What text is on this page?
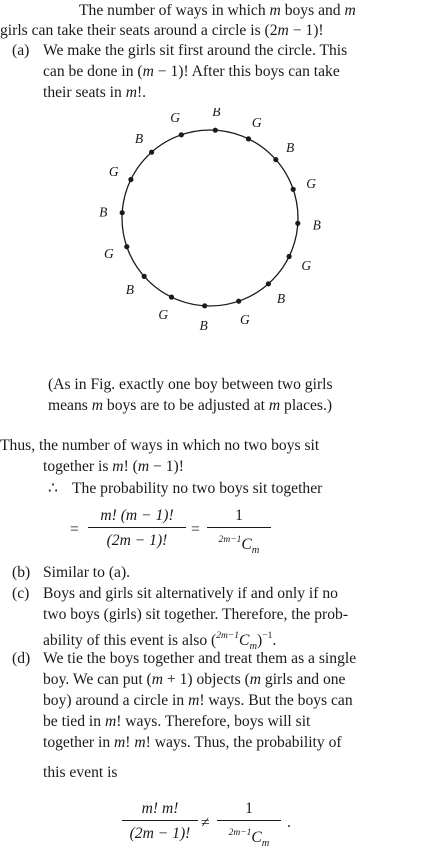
The number of ways in which m boys and m
girls can take their seats around a circle is (2m − 1)!
(a) We make the girls sit first around the circle. This
can be done in (m − 1)! After this boys can take
their seats in m!.
B
G
B
G
B
G
B
G
B
G
B
G
B
G
B
G
(As in Fig. exactly one boy between two girls
means m boys are to be adjusted at m places.)
Thus, the number of ways in which no two boys sit
together is m! (m − 1)!
∴ The probability no two boys sit together
=
m! (m − 1)!
(2m − 1)!
=
1
$^{2m-1}C_m$
(b) Similar to (a).
(c) Boys and girls sit alternatively if and only if no
two boys (girls) sit together. Therefore, the prob-
ability of this event is also $(^{2m-1}C_m)^{-1}$.
(d) We tie the boys together and treat them as a single
boy. We can put (m + 1) objects (m girls and one
boy) around a circle in m! ways. But the boys can
be tied in m! ways. Therefore, boys will sit
together in m! m! ways. Thus, the probability of
this event is
m! m!
(2m − 1)!
≠
1
$^{2m-1}C_m$
.
